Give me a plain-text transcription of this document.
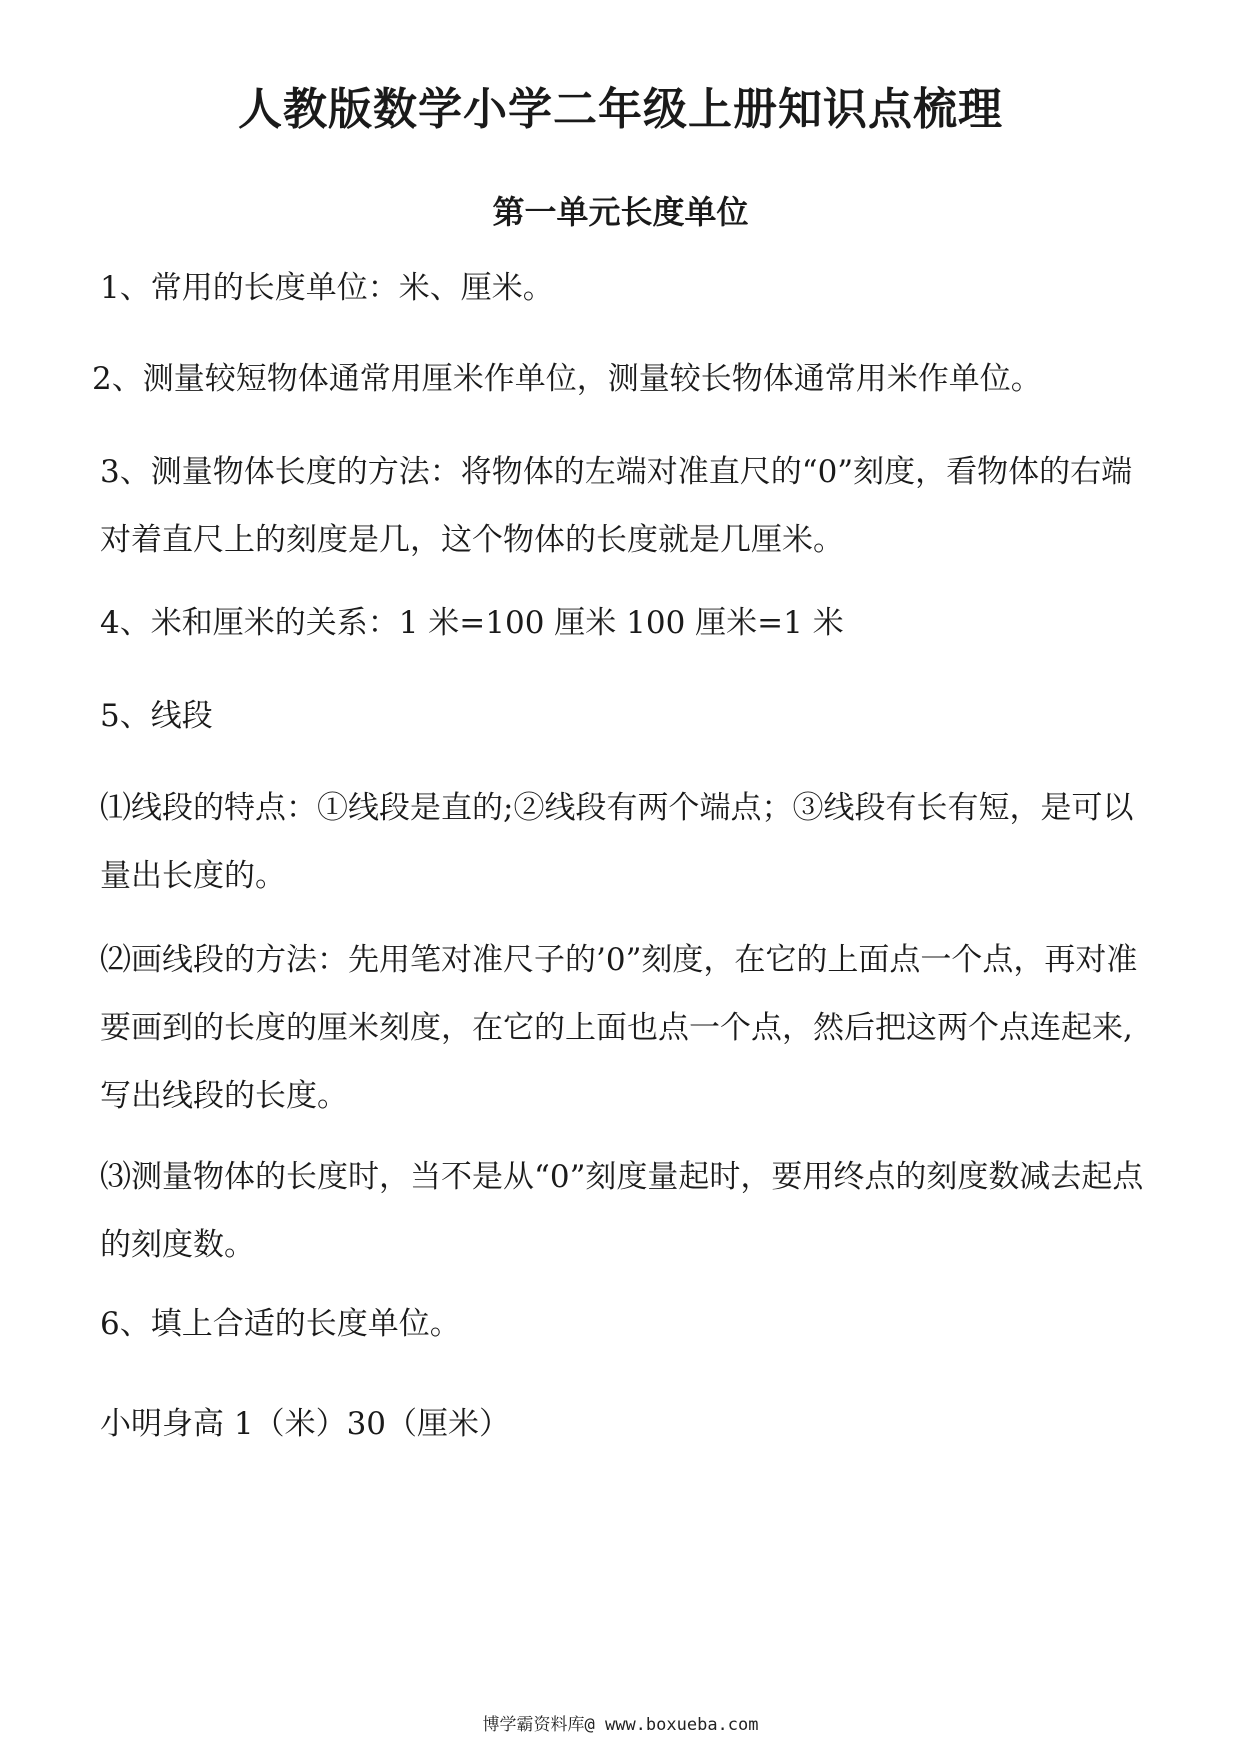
人教版数学小学二年级上册知识点梳理
第一单元长度单位
1、常用的长度单位：米、厘米。
2、测量较短物体通常用厘米作单位，测量较长物体通常用米作单位。
3、测量物体长度的方法：将物体的左端对准直尺的“0”刻度，看物体的右端
对着直尺上的刻度是几，这个物体的长度就是几厘米。
4、米和厘米的关系：1 米=100 厘米 100 厘米=1 米
5、线段
⑴线段的特点：①线段是直的;②线段有两个端点；③线段有长有短，是可以
量出长度的。
⑵画线段的方法：先用笔对准尺子的’0”刻度，在它的上面点一个点，再对准
要画到的长度的厘米刻度，在它的上面也点一个点，然后把这两个点连起来,
写出线段的长度。
⑶测量物体的长度时，当不是从“0”刻度量起时，要用终点的刻度数减去起点
的刻度数。
6、填上合适的长度单位。
小明身高 1（米）30（厘米）
博学霸资料库@ www.boxueba.com
